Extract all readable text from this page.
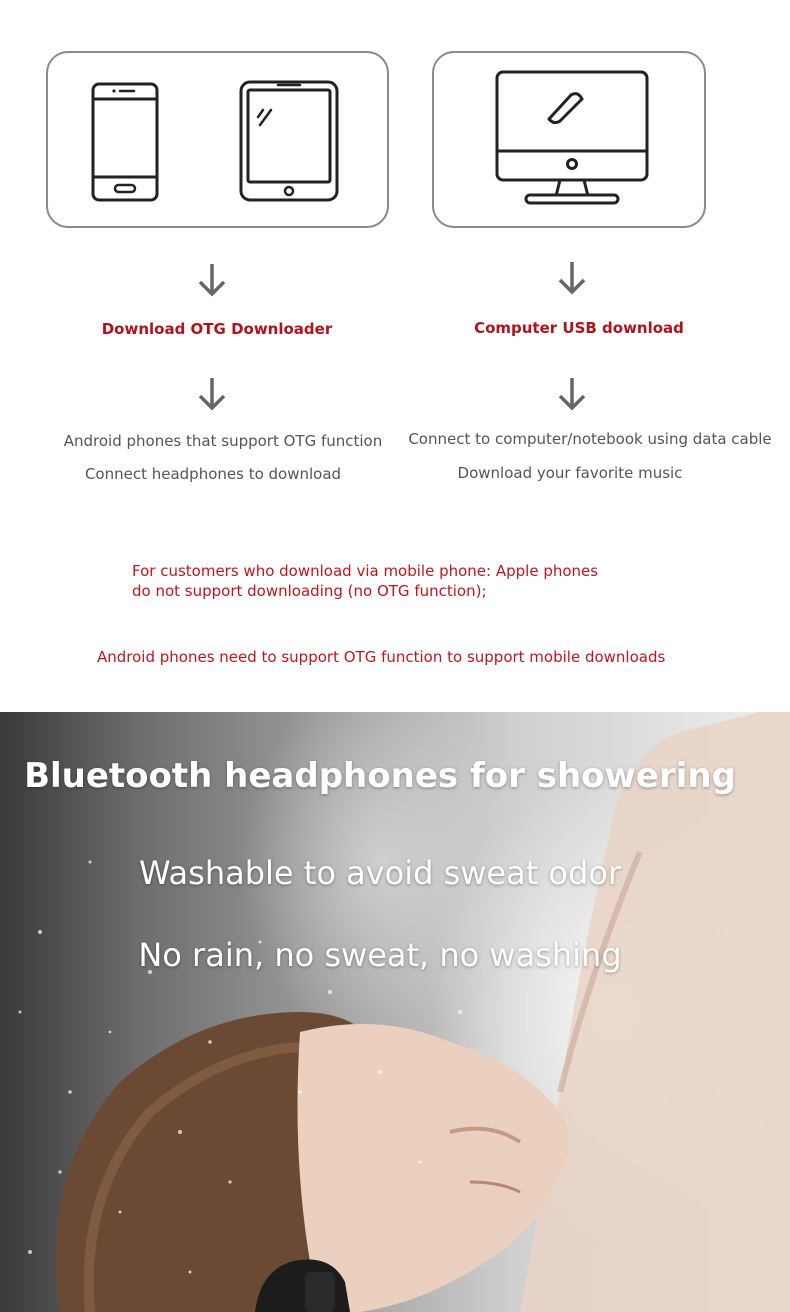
Download OTG Downloader	Computer USB download
Android phones that support OTG function
Connect headphones to download
Connect to computer/notebook using data cable
Download your favorite music
For customers who download via mobile phone: Apple phones
do not support downloading (no OTG function);
Android phones need to support OTG function to support mobile downloads
Bluetooth headphones for showering
Washable to avoid sweat odor
No rain, no sweat, no washing
